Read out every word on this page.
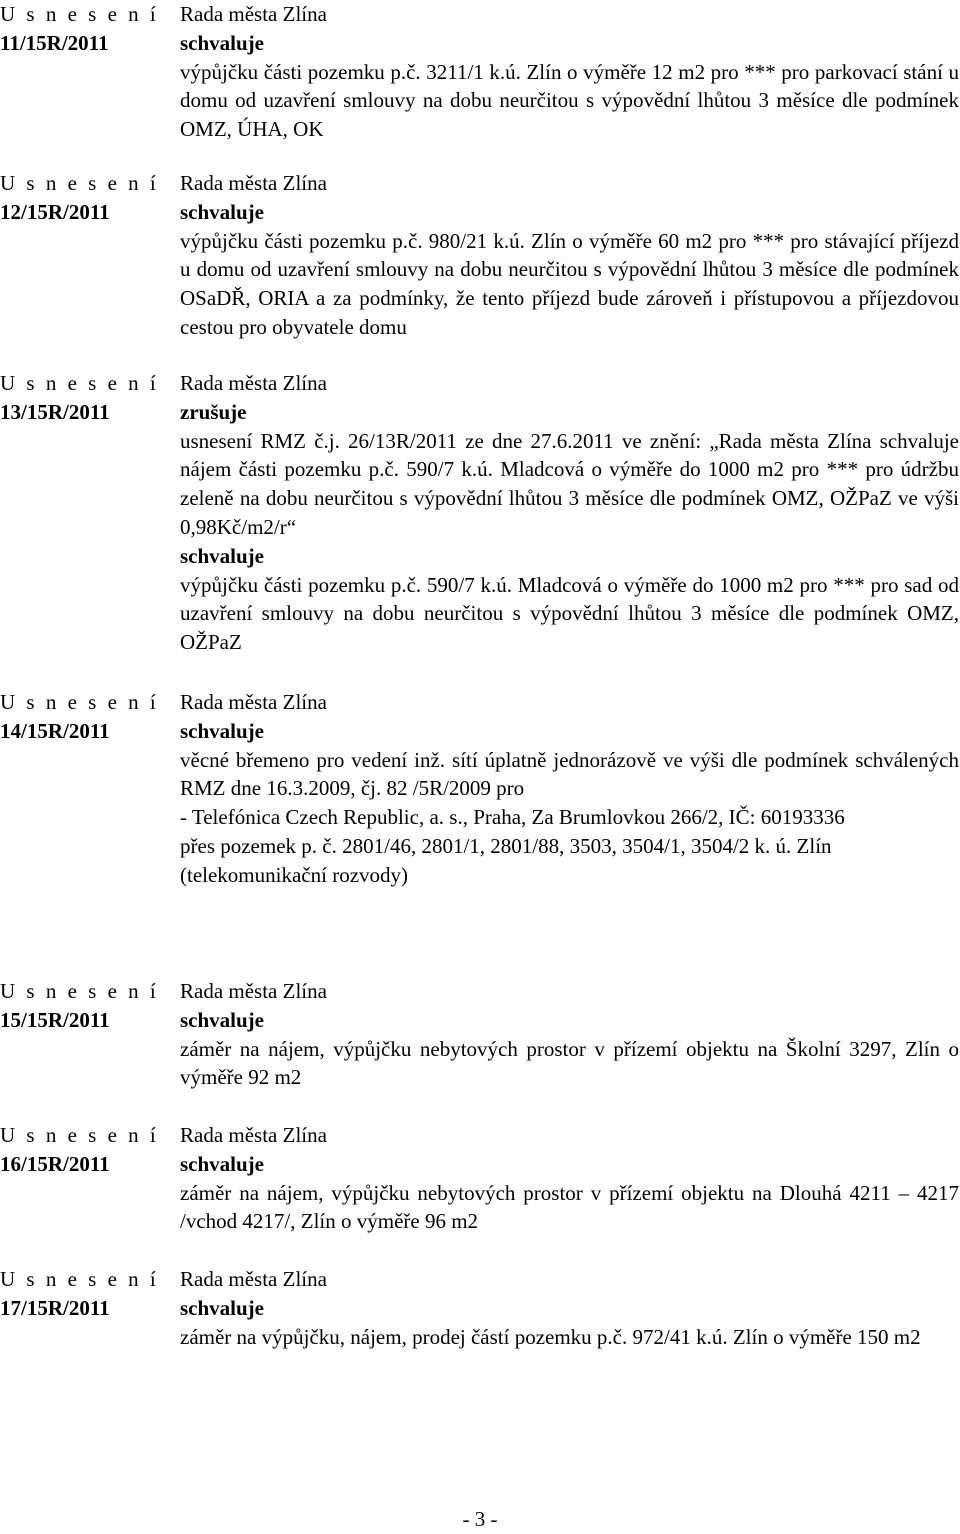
U s n e s e n í
11/15R/2011
Rada města Zlína
schvaluje
výpůjčku části pozemku p.č. 3211/1 k.ú. Zlín o výměře 12 m2 pro *** pro parkovací stání u domu od uzavření smlouvy na dobu neurčitou s výpovědní lhůtou 3 měsíce dle podmínek OMZ, ÚHA, OK
U s n e s e n í
12/15R/2011
Rada města Zlína
schvaluje
výpůjčku části pozemku p.č. 980/21 k.ú. Zlín o výměře 60 m2 pro *** pro stávající příjezd u domu od uzavření smlouvy na dobu neurčitou s výpovědní lhůtou 3 měsíce dle podmínek OSaDŘ, ORIA a za podmínky, že tento příjezd bude zároveň i přístupovou a příjezdovou cestou pro obyvatele domu
U s n e s e n í
13/15R/2011
Rada města Zlína
zrušuje
usnesení RMZ č.j. 26/13R/2011 ze dne 27.6.2011 ve znění: „Rada města Zlína schvaluje nájem části pozemku p.č. 590/7 k.ú. Mladcová o výměře do 1000 m2 pro *** pro údržbu zeleně na dobu neurčitou s výpovědní lhůtou 3 měsíce dle podmínek OMZ, OŽPaZ ve výši 0,98Kč/m2/r“
schvaluje
výpůjčku části pozemku p.č. 590/7 k.ú. Mladcová o výměře do 1000 m2 pro *** pro sad od uzavření smlouvy na dobu neurčitou s výpovědní lhůtou 3 měsíce dle podmínek OMZ, OŽPaZ
U s n e s e n í
14/15R/2011
Rada města Zlína
schvaluje
věcné břemeno pro vedení inž. sítí úplatně jednorázově ve výši dle podmínek schválených RMZ dne 16.3.2009, čj. 82 /5R/2009 pro
- Telefónica Czech Republic, a. s., Praha, Za Brumlovkou 266/2, IČ: 60193336
přes pozemek p. č. 2801/46, 2801/1, 2801/88, 3503, 3504/1, 3504/2 k. ú. Zlín
(telekomunikační rozvody)
U s n e s e n í
15/15R/2011
Rada města Zlína
schvaluje
záměr na nájem, výpůjčku nebytových prostor v přízemí objektu na Školní 3297, Zlín o výměře 92 m2
U s n e s e n í
16/15R/2011
Rada města Zlína
schvaluje
záměr na nájem, výpůjčku nebytových prostor v přízemí objektu na Dlouhá 4211 – 4217 /vchod 4217/, Zlín o výměře 96 m2
U s n e s e n í
17/15R/2011
Rada města Zlína
schvaluje
záměr na výpůjčku, nájem, prodej částí pozemku p.č. 972/41 k.ú. Zlín o výměře 150 m2
- 3 -
